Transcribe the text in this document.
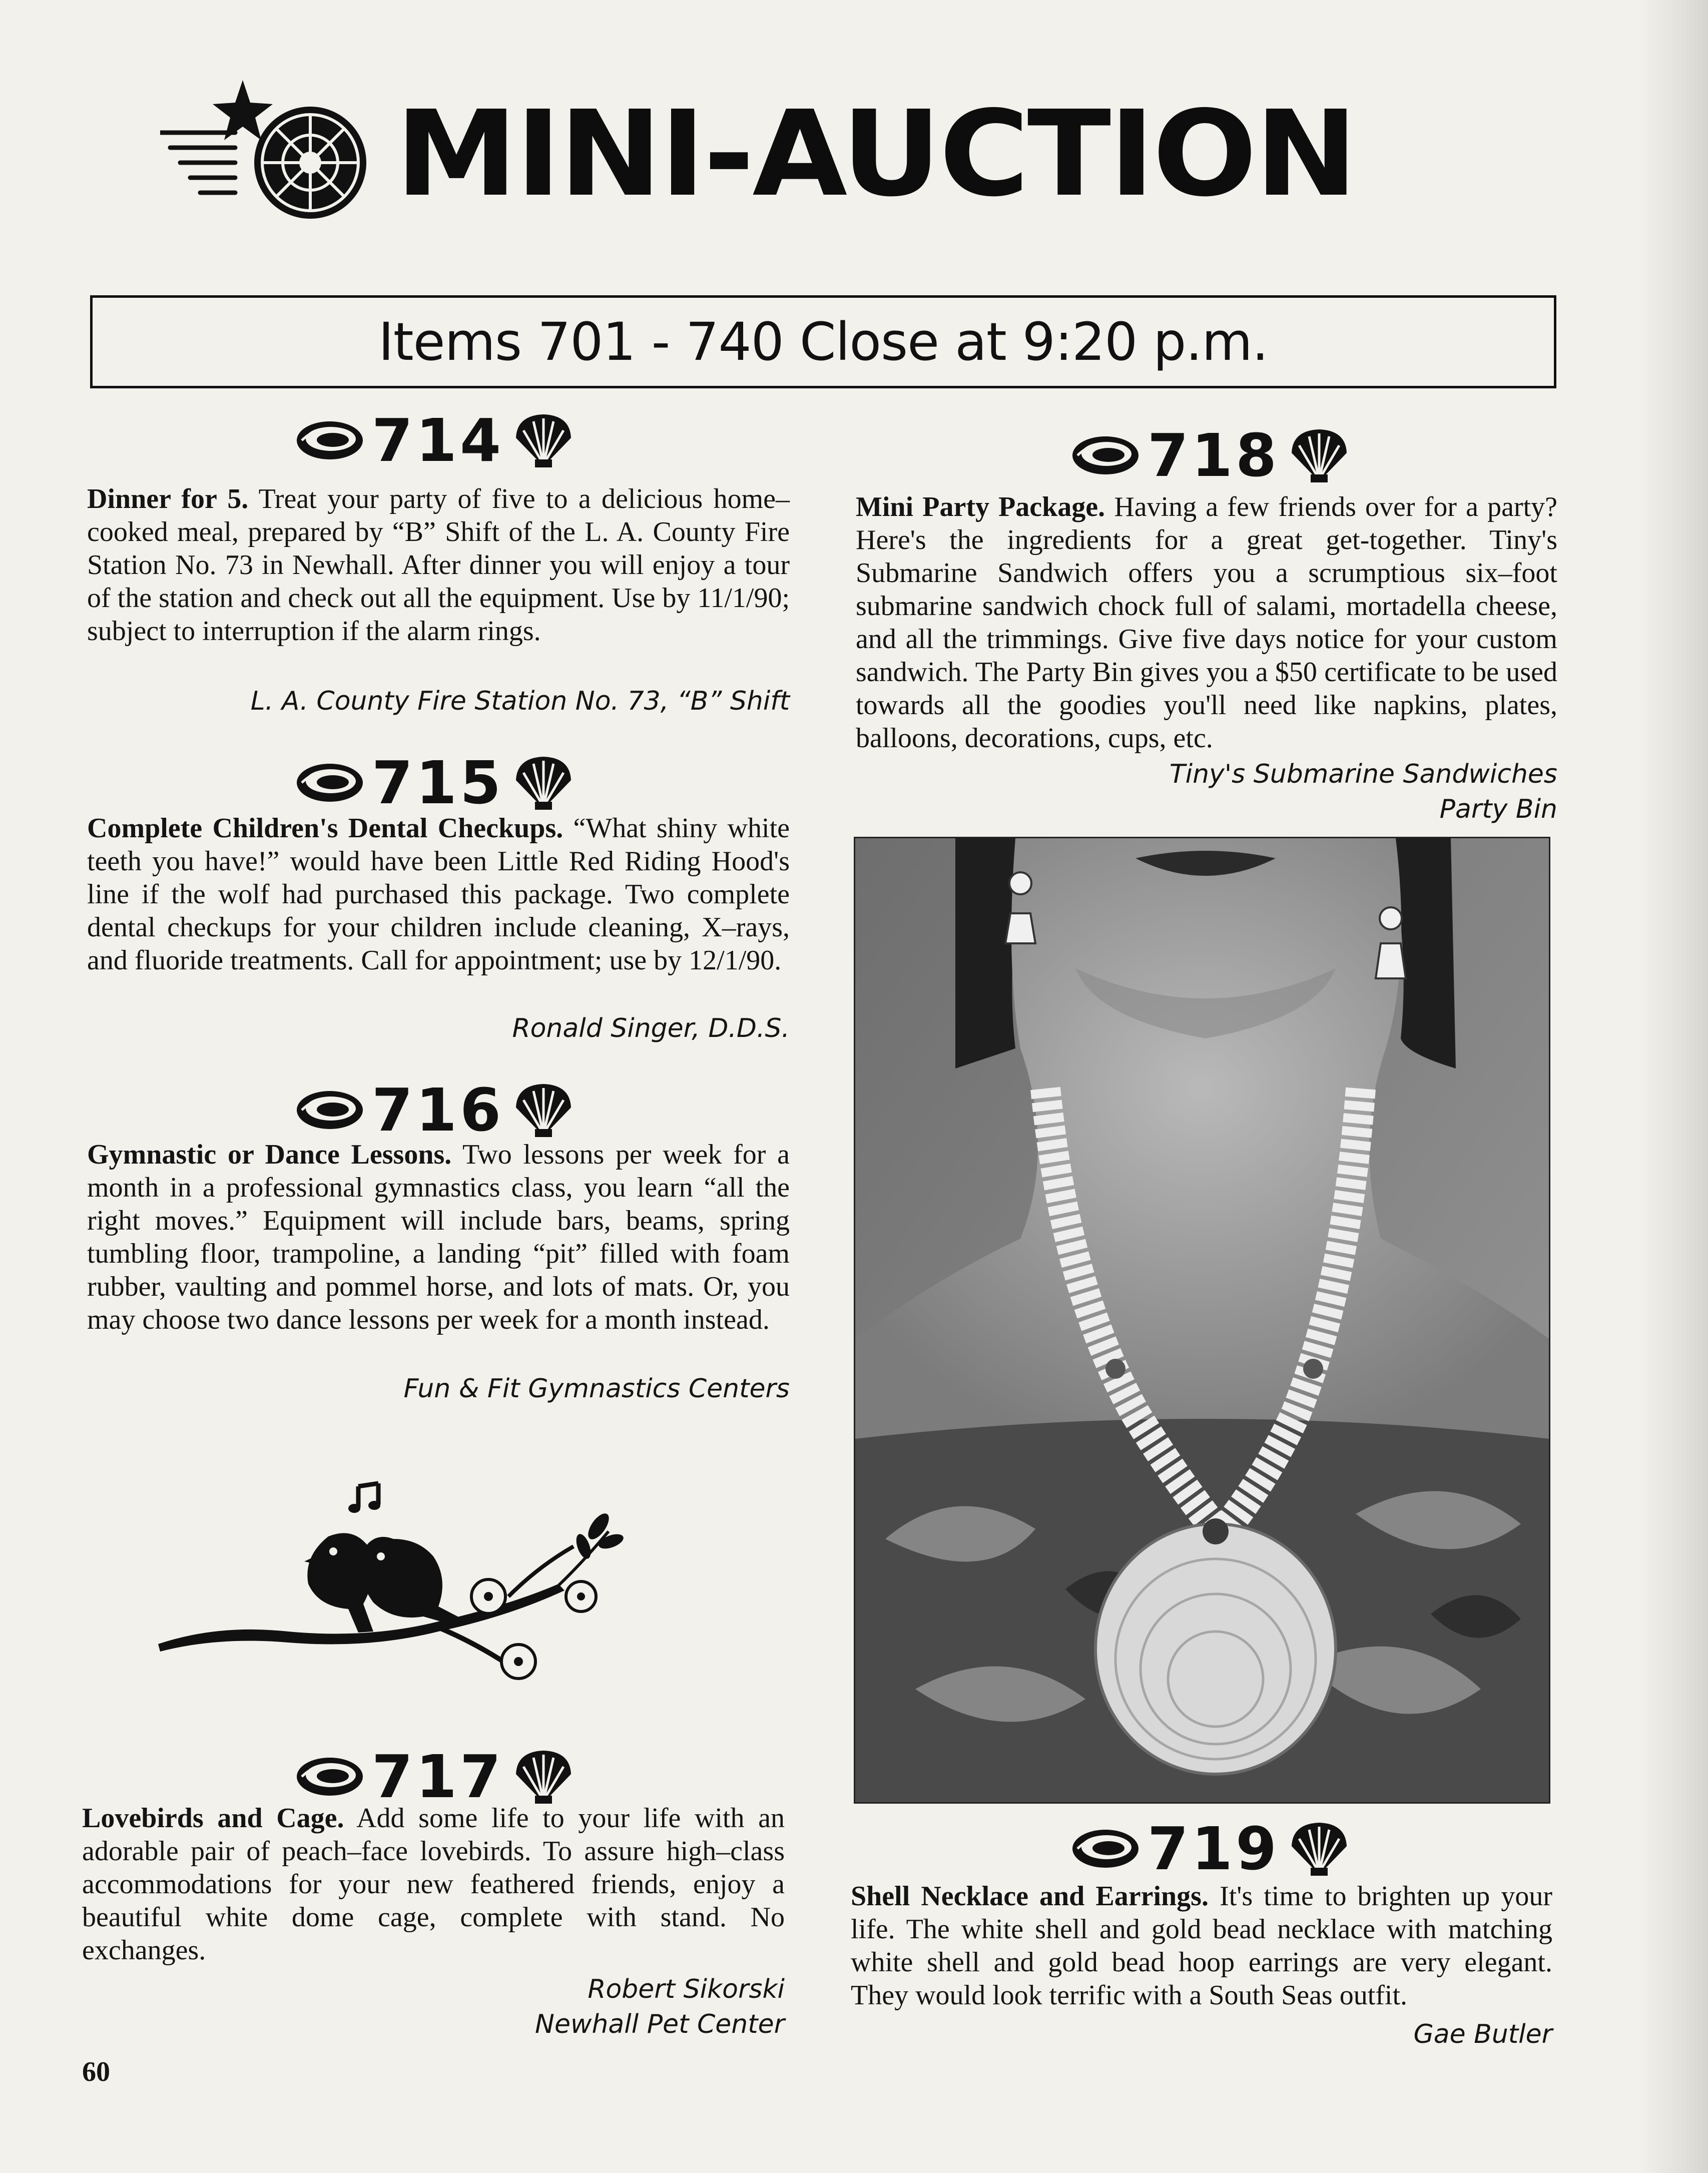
MINI-AUCTION
Items 701 - 740 Close at 9:20 p.m.
714

Dinner for 5. Treat your party of five to a delicious home–cooked meal, prepared by “B” Shift of the L. A. County Fire Station No. 73 in Newhall. After dinner you will enjoy a tour of the station and check out all the equipment. Use by 11/1/90; subject to interruption if the alarm rings.

L. A. County Fire Station No. 73, “B” Shift
715

Complete Children's Dental Checkups. “What shiny white teeth you have!” would have been Little Red Riding Hood's line if the wolf had purchased this package. Two complete dental checkups for your children include cleaning, X–rays, and fluoride treatments. Call for appointment; use by 12/1/90.

Ronald Singer, D.D.S.
716

Gymnastic or Dance Lessons. Two lessons per week for a month in a professional gymnastics class, you learn “all the right moves.” Equipment will include bars, beams, spring tumbling floor, trampoline, a landing “pit” filled with foam rubber, vaulting and pommel horse, and lots of mats. Or, you may choose two dance lessons per week for a month instead.

Fun & Fit Gymnastics Centers
717

Lovebirds and Cage. Add some life to your life with an adorable pair of peach–face lovebirds. To assure high–class accommodations for your new feathered friends, enjoy a beautiful white dome cage, complete with stand. No exchanges.

Robert Sikorski
Newhall Pet Center
718

Mini Party Package. Having a few friends over for a party? Here's the ingredients for a great get-together. Tiny's Submarine Sandwich offers you a scrumptious six–foot submarine sandwich chock full of salami, mortadella cheese, and all the trimmings. Give five days notice for your custom sandwich. The Party Bin gives you a $50 certificate to be used towards all the goodies you'll need like napkins, plates, balloons, decorations, cups, etc.

Tiny's Submarine Sandwiches
Party Bin
719

Shell Necklace and Earrings. It's time to brighten up your life. The white shell and gold bead necklace with matching white shell and gold bead hoop earrings are very elegant. They would look terrific with a South Seas outfit.

Gae Butler
60
